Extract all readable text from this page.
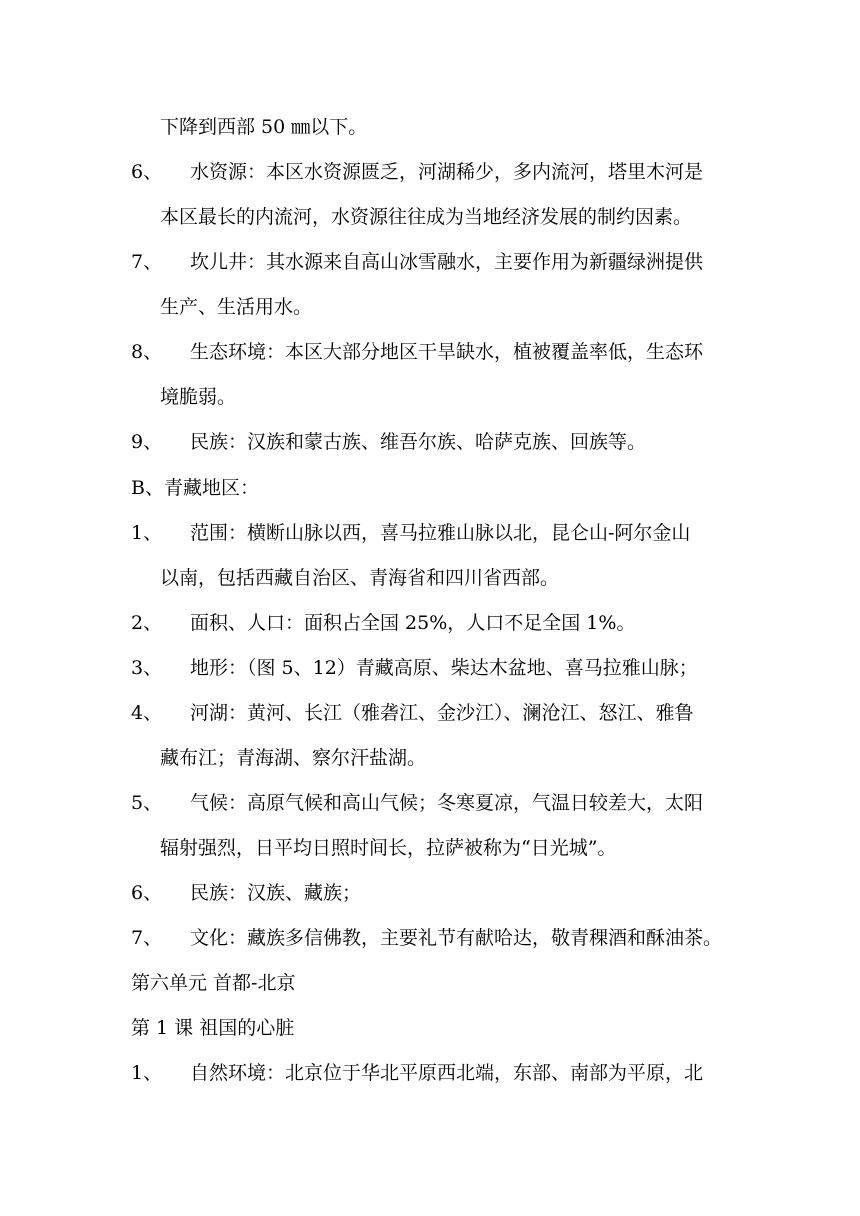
下降到西部 50 ㎜以下。
6、 水资源：本区水资源匮乏，河湖稀少，多内流河，塔里木河是
本区最长的内流河，水资源往往成为当地经济发展的制约因素。
7、 坎儿井：其水源来自高山冰雪融水，主要作用为新疆绿洲提供
生产、生活用水。
8、 生态环境：本区大部分地区干旱缺水，植被覆盖率低，生态环
境脆弱。
9、 民族：汉族和蒙古族、维吾尔族、哈萨克族、回族等。
B、青藏地区：
1、 范围：横断山脉以西，喜马拉雅山脉以北，昆仑山-阿尔金山
以南，包括西藏自治区、青海省和四川省西部。
2、 面积、人口：面积占全国 25%，人口不足全国 1%。
3、 地形：（图 5、12）青藏高原、柴达木盆地、喜马拉雅山脉；
4、 河湖：黄河、长江（雅砻江、金沙江）、澜沧江、怒江、雅鲁
藏布江；青海湖、察尔汗盐湖。
5、 气候：高原气候和高山气候；冬寒夏凉，气温日较差大，太阳
辐射强烈，日平均日照时间长，拉萨被称为“日光城”。
6、 民族：汉族、藏族；
7、 文化：藏族多信佛教，主要礼节有献哈达，敬青稞酒和酥油茶。
第六单元 首都-北京
第 1 课 祖国的心脏
1、 自然环境：北京位于华北平原西北端，东部、南部为平原，北
